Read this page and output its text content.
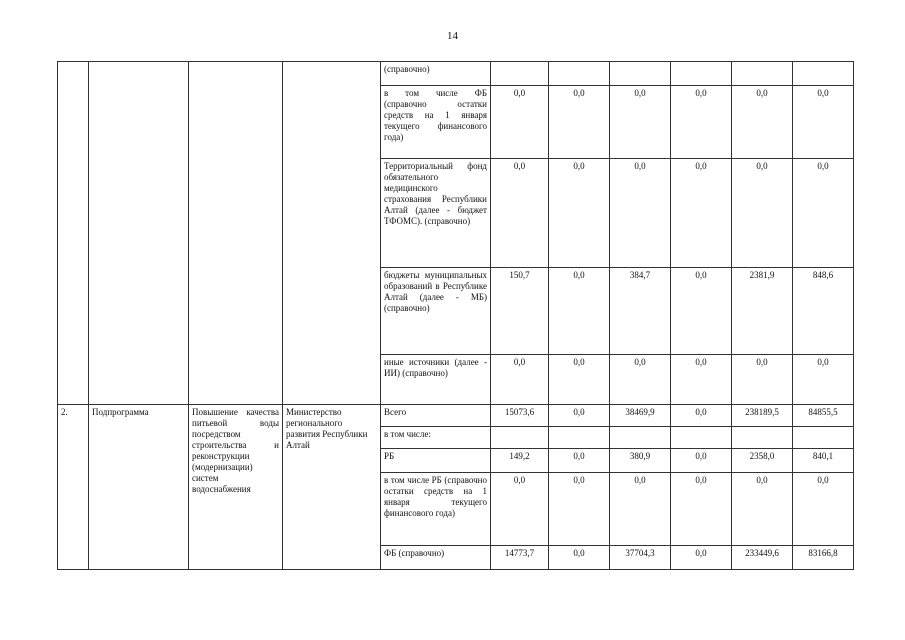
14
				(справочно)						
				в том числе ФБ (справочно остатки средств на 1 января текущего финансового года)	0,0	0,0	0,0	0,0	0,0	0,0
				Территориальный фонд обязательного медицинского страхования Республики Алтай (далее - бюджет ТФОМС). (справочно)	0,0	0,0	0,0	0,0	0,0	0,0
				бюджеты муниципальных образований в Республике Алтай (далее - МБ) (справочно)	150,7	0,0	384,7	0,0	2381,9	848,6
				иные источники (далее - ИИ) (справочно)	0,0	0,0	0,0	0,0	0,0	0,0
2.	Подпрограмма	Повышение качества питьевой воды посредством строительства и реконструкции (модернизации) систем водоснабжения	Министерство регионального развития Республики Алтай	Всего	15073,6	0,0	38469,9	0,0	238189,5	84855,5
				в том числе:						
				РБ	149,2	0,0	380,9	0,0	2358,0	840,1
				в том числе РБ (справочно остатки средств на 1 января текущего финансового года)	0,0	0,0	0,0	0,0	0,0	0,0
				ФБ (справочно)	14773,7	0,0	37704,3	0,0	233449,6	83166,8
